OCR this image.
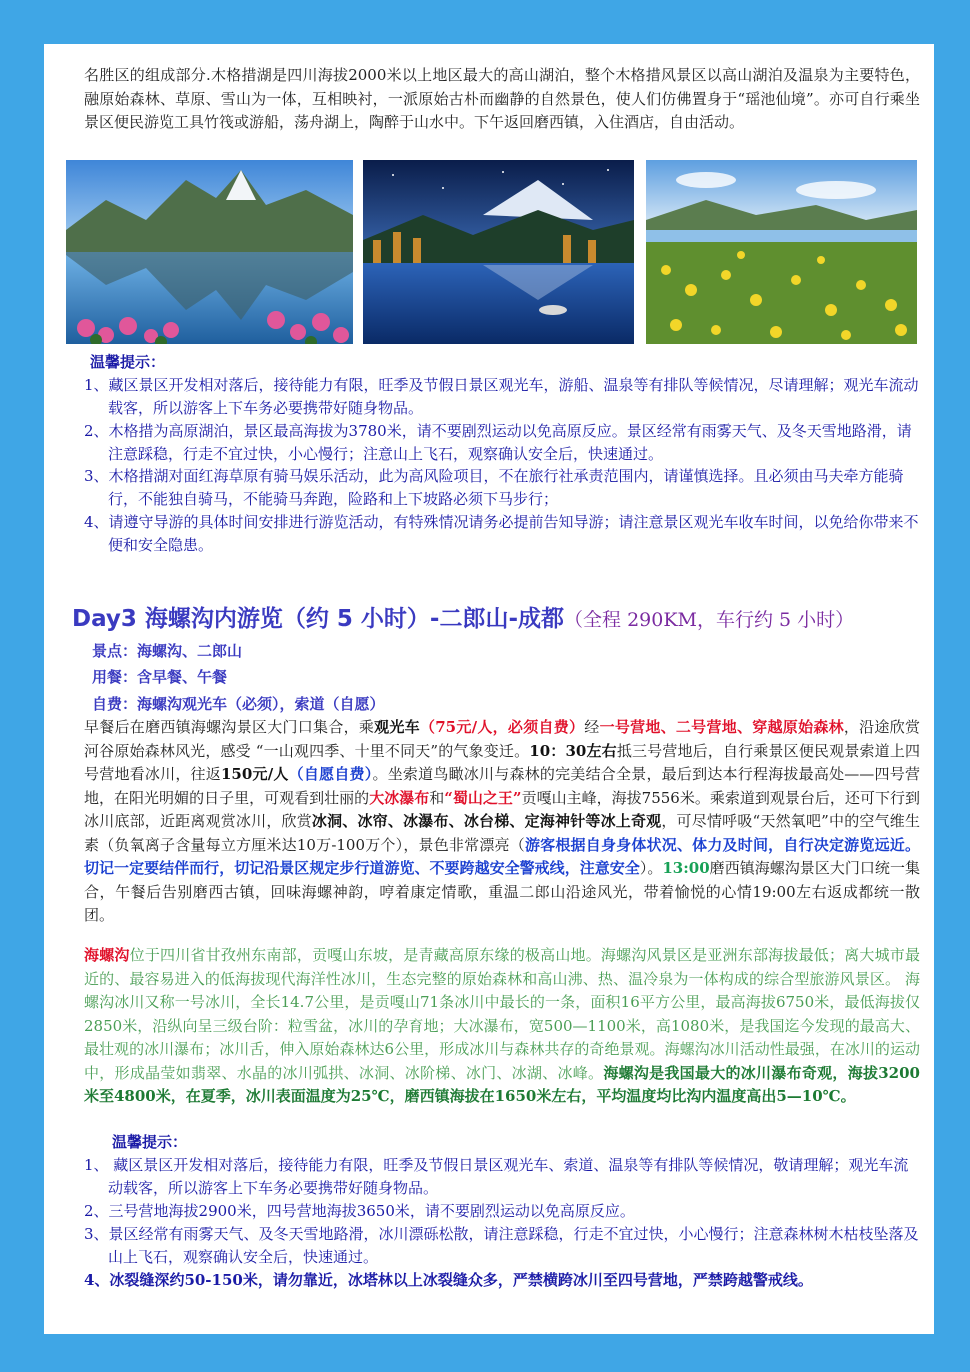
名胜区的组成部分.木格措湖是四川海拔2000米以上地区最大的高山湖泊，整个木格措风景区以高山湖泊及温泉为主要特色，融原始森林、草原、雪山为一体，互相映衬，一派原始古朴而幽静的自然景色，使人们仿佛置身于“瑶池仙境”。亦可自行乘坐景区便民游览工具竹筏或游船，荡舟湖上，陶醉于山水中。下午返回磨西镇，入住酒店，自由活动。

温馨提示：

1、藏区景区开发相对落后，接待能力有限，旺季及节假日景区观光车，游船、温泉等有排队等候情况，尽请理解；观光车流动载客，所以游客上下车务必要携带好随身物品。

2、木格措为高原湖泊，景区最高海拔为3780米，请不要剧烈运动以免高原反应。景区经常有雨雾天气、及冬天雪地路滑，请注意踩稳，行走不宜过快，小心慢行；注意山上飞石，观察确认安全后，快速通过。

3、木格措湖对面红海草原有骑马娱乐活动，此为高风险项目，不在旅行社承责范围内，请谨慎选择。且必须由马夫牵方能骑行，不能独自骑马，不能骑马奔跑，险路和上下坡路必须下马步行；

4、请遵守导游的具体时间安排进行游览活动，有特殊情况请务必提前告知导游；请注意景区观光车收车时间，以免给你带来不便和安全隐患。

Day3 海螺沟内游览（约 5 小时）-二郎山-成都（全程 290KM，车行约 5 小时）
景点：海螺沟、二郎山
用餐：含早餐、午餐
自费：海螺沟观光车（必须），索道（自愿）

早餐后在磨西镇海螺沟景区大门口集合，乘观光车（75元/人，必须自费）经一号营地、二号营地、穿越原始森林，沿途欣赏河谷原始森林风光，感受 “一山观四季、十里不同天”的气象变迁。10：30左右抵三号营地后，自行乘景区便民观景索道上四号营地看冰川，往返150元/人（自愿自费）。坐索道鸟瞰冰川与森林的完美结合全景，最后到达本行程海拔最高处——四号营地，在阳光明媚的日子里，可观看到壮丽的大冰瀑布和“蜀山之王”贡嘎山主峰，海拔7556米。乘索道到观景台后，还可下行到冰川底部，近距离观赏冰川，欣赏冰洞、冰帘、冰瀑布、冰台梯、定海神针等冰上奇观，可尽情呼吸“天然氧吧”中的空气维生素（负氧离子含量每立方厘米达10万-100万个），景色非常漂亮（游客根据自身身体状况、体力及时间，自行决定游览远近。切记一定要结伴而行，切记沿景区规定步行道游览、不要跨越安全警戒线，注意安全）。13:00磨西镇海螺沟景区大门口统一集合，午餐后告别磨西古镇，回味海螺神韵，哼着康定情歌，重温二郎山沿途风光，带着愉悦的心情19:00左右返成都统一散团。

海螺沟位于四川省甘孜州东南部，贡嘎山东坡，是青藏高原东缘的极高山地。海螺沟风景区是亚洲东部海拔最低；离大城市最近的、最容易进入的低海拔现代海洋性冰川，生态完整的原始森林和高山沸、热、温冷泉为一体构成的综合型旅游风景区。 海螺沟冰川又称一号冰川，全长14.7公里，是贡嘎山71条冰川中最长的一条，面积16平方公里，最高海拔6750米，最低海拔仅2850米，沿纵向呈三级台阶：粒雪盆，冰川的孕育地；大冰瀑布，宽500—1100米，高1080米，是我国迄今发现的最高大、最壮观的冰川瀑布；冰川舌，伸入原始森林达6公里，形成冰川与森林共存的奇绝景观。海螺沟冰川活动性最强，在冰川的运动中，形成晶莹如翡翠、水晶的冰川弧拱、冰洞、冰阶梯、冰门、冰湖、冰峰。海螺沟是我国最大的冰川瀑布奇观，海拔3200米至4800米，在夏季，冰川表面温度为25℃，磨西镇海拔在1650米左右，平均温度均比沟内温度高出5—10℃。

温馨提示：

1、 藏区景区开发相对落后，接待能力有限，旺季及节假日景区观光车、索道、温泉等有排队等候情况，敬请理解；观光车流动载客，所以游客上下车务必要携带好随身物品。

2、三号营地海拔2900米，四号营地海拔3650米，请不要剧烈运动以免高原反应。

3、景区经常有雨雾天气、及冬天雪地路滑，冰川漂砾松散，请注意踩稳，行走不宜过快，小心慢行；注意森林树木枯枝坠落及山上飞石，观察确认安全后，快速通过。

4、冰裂缝深约50-150米，请勿靠近，冰塔林以上冰裂缝众多，严禁横跨冰川至四号营地，严禁跨越警戒线。
